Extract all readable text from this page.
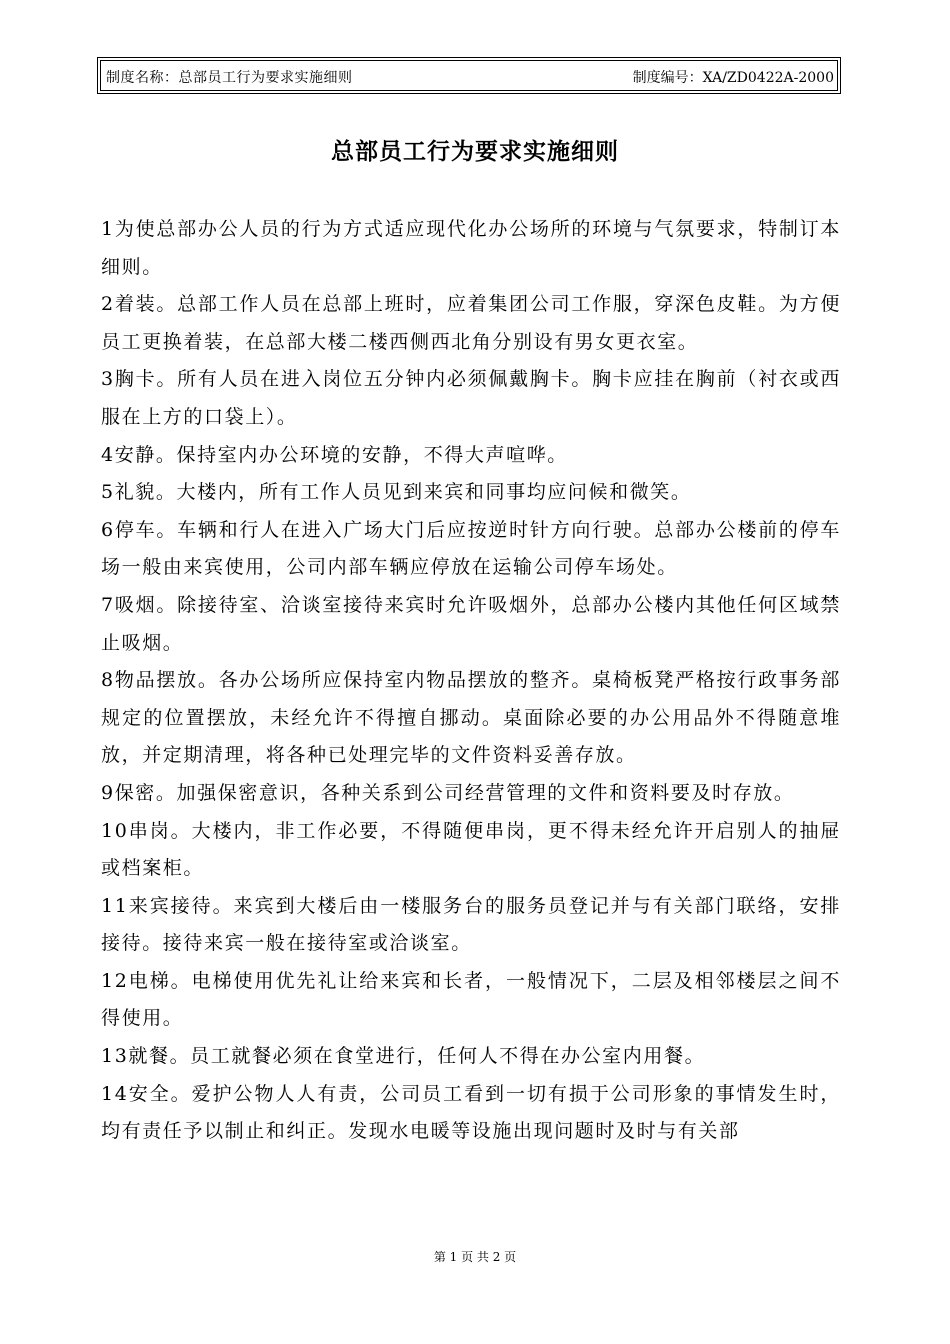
制度名称：总部员工行为要求实施细则	制度编号：XA/ZD0422A-2000
总部员工行为要求实施细则

1为使总部办公人员的行为方式适应现代化办公场所的环境与气氛要求，特制订本细则。

2着装。总部工作人员在总部上班时，应着集团公司工作服，穿深色皮鞋。为方便员工更换着装，在总部大楼二楼西侧西北角分别设有男女更衣室。

3胸卡。所有人员在进入岗位五分钟内必须佩戴胸卡。胸卡应挂在胸前（衬衣或西服在上方的口袋上）。

4安静。保持室内办公环境的安静，不得大声喧哗。

5礼貌。大楼内，所有工作人员见到来宾和同事均应问候和微笑。

6停车。车辆和行人在进入广场大门后应按逆时针方向行驶。总部办公楼前的停车场一般由来宾使用，公司内部车辆应停放在运输公司停车场处。

7吸烟。除接待室、洽谈室接待来宾时允许吸烟外，总部办公楼内其他任何区域禁止吸烟。

8物品摆放。各办公场所应保持室内物品摆放的整齐。桌椅板凳严格按行政事务部规定的位置摆放，未经允许不得擅自挪动。桌面除必要的办公用品外不得随意堆放，并定期清理，将各种已处理完毕的文件资料妥善存放。

9保密。加强保密意识，各种关系到公司经营管理的文件和资料要及时存放。

10串岗。大楼内，非工作必要，不得随便串岗，更不得未经允许开启别人的抽屉或档案柜。

11来宾接待。来宾到大楼后由一楼服务台的服务员登记并与有关部门联络，安排接待。接待来宾一般在接待室或洽谈室。

12电梯。电梯使用优先礼让给来宾和长者，一般情况下，二层及相邻楼层之间不得使用。

13就餐。员工就餐必须在食堂进行，任何人不得在办公室内用餐。

14安全。爱护公物人人有责，公司员工看到一切有损于公司形象的事情发生时，均有责任予以制止和纠正。发现水电暖等设施出现问题时及时与有关部

第 1 页 共 2 页
